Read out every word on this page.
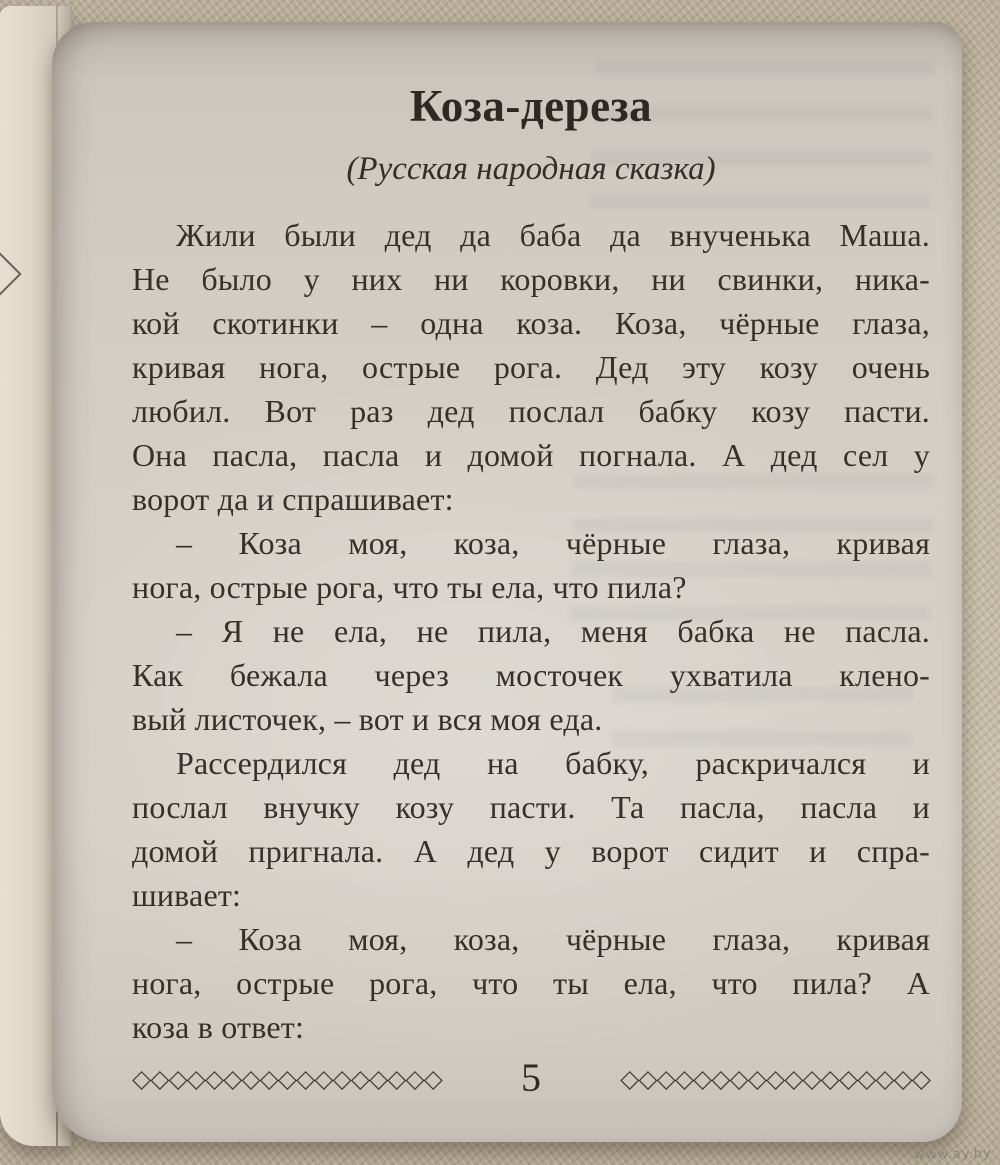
Коза-дереза
(Русская народная сказка)
Жили были дед да баба да внученька Маша.
Не было у них ни коровки, ни свинки, ника-
кой скотинки – одна коза. Коза, чёрные глаза,
кривая нога, острые рога. Дед эту козу очень
любил. Вот раз дед послал бабку козу пасти.
Она пасла, пасла и домой погнала. А дед сел у
ворот да и спрашивает:
– Коза моя, коза, чёрные глаза, кривая
нога, острые рога, что ты ела, что пила?
– Я не ела, не пила, меня бабка не пасла.
Как бежала через мосточек ухватила клено-
вый листочек, – вот и вся моя еда.
Рассердился дед на бабку, раскричался и
послал внучку козу пасти. Та пасла, пасла и
домой пригнала. А дед у ворот сидит и спра-
шивает:
– Коза моя, коза, чёрные глаза, кривая
нога, острые рога, что ты ела, что пила? А
коза в ответ:
◇◇◇◇◇◇◇◇◇◇◇◇◇◇◇◇◇	5	◇◇◇◇◇◇◇◇◇◇◇◇◇◇◇◇◇
www.ay.by
